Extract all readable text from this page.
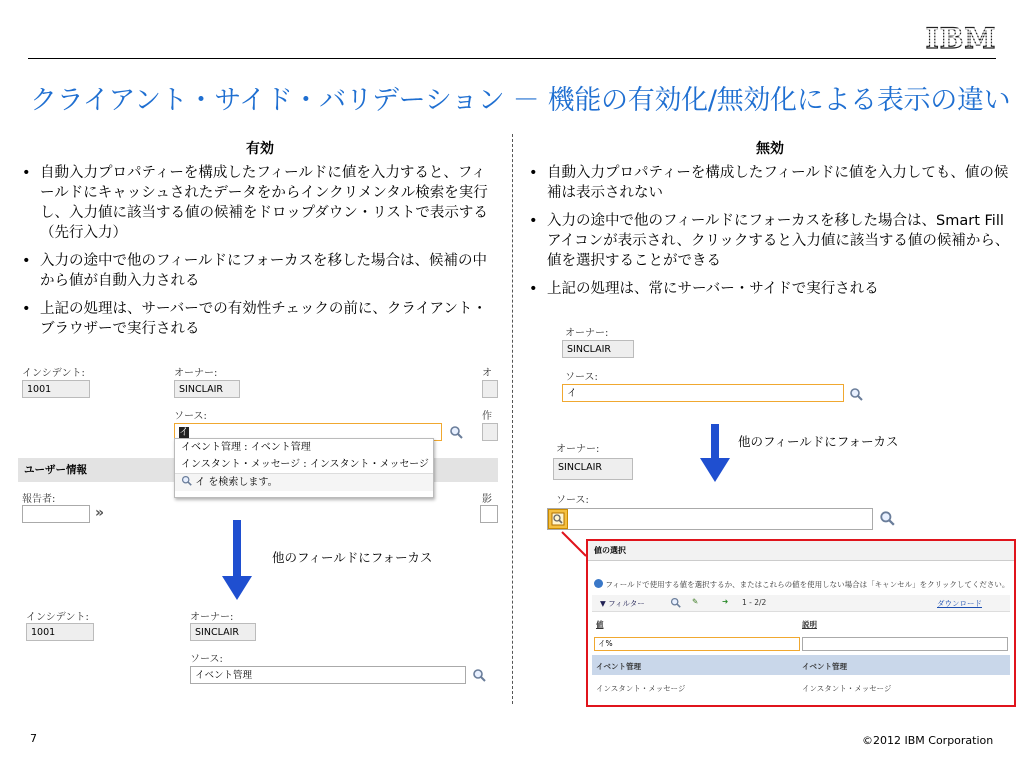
IBM
クライアント・サイド・バリデーション － 機能の有効化/無効化による表示の違い
有効
• 自動入力プロパティーを構成したフィールドに値を入力すると、フィールドにキャッシュされたデータをからインクリメンタル検索を実行し、入力値に該当する値の候補をドロップダウン・リストで表示する（先行入力）
• 入力の途中で他のフィールドにフォーカスを移した場合は、候補の中から値が自動入力される
• 上記の処理は、サーバーでの有効性チェックの前に、クライアント・ブラウザーで実行される
無効
• 自動入力プロパティーを構成したフィールドに値を入力しても、値の候補は表示されない
• 入力の途中で他のフィールドにフォーカスを移した場合は、Smart Fill アイコンが表示され、クリックすると入力値に該当する値の候補から、値を選択することができる
• 上記の処理は、常にサーバー・サイドで実行される
インシデント:
1001
オーナー:
SINCLAIR
オ
ソース:
イ
作
ユーザー情報
イベント管理 : イベント管理
インスタント・メッセージ : インスタント・メッセージ
イ を検索します。
報告者:
»
影
他のフィールドにフォーカス
インシデント:
1001
オーナー:
SINCLAIR
ソース:
イベント管理
オーナー:
SINCLAIR
ソース:
イ
他のフィールドにフォーカス
オーナー:
SINCLAIR
ソース:
値の選択
フィールドで使用する値を選択するか、またはこれらの値を使用しない場合は「キャンセル」をクリックしてください。
▼ フィルター	✎	➜ 1 - 2/2	ダウンロード
値	説明
イ%
イベント管理	イベント管理
インスタント・メッセージ	インスタント・メッセージ
7	©2012 IBM Corporation
